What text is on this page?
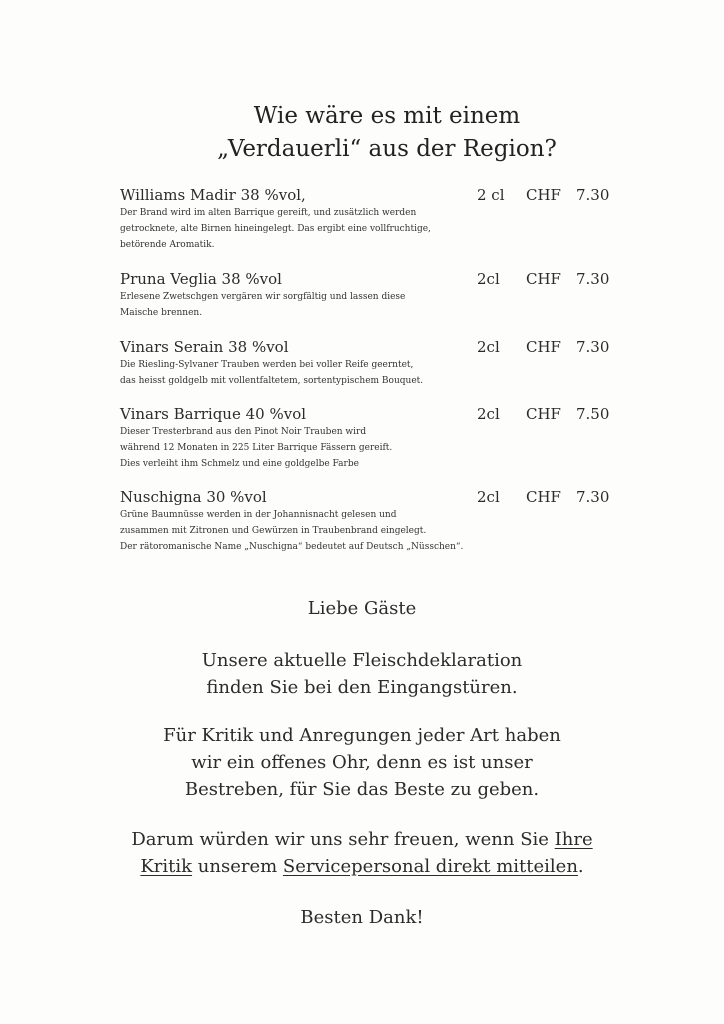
Wie wäre es mit einem
„Verdauerli“ aus der Region?
Williams Madir 38 %vol,	2 cl CHF 7.30
Der Brand wird im alten Barrique gereift, und zusätzlich werden
getrocknete, alte Birnen hineingelegt. Das ergibt eine vollfruchtige,
betörende Aromatik.
Pruna Veglia 38 %vol	2cl CHF 7.30
Erlesene Zwetschgen vergären wir sorgfältig und lassen diese
Maische brennen.
Vinars Serain 38 %vol	2cl CHF 7.30
Die Riesling-Sylvaner Trauben werden bei voller Reife geerntet,
das heisst goldgelb mit vollentfaltetem, sortentypischem Bouquet.
Vinars Barrique 40 %vol	2cl CHF 7.50
Dieser Tresterbrand aus den Pinot Noir Trauben wird
während 12 Monaten in 225 Liter Barrique Fässern gereift.
Dies verleiht ihm Schmelz und eine goldgelbe Farbe
Nuschigna 30 %vol	2cl CHF 7.30
Grüne Baumnüsse werden in der Johannisnacht gelesen und
zusammen mit Zitronen und Gewürzen in Traubenbrand eingelegt.
Der rätoromanische Name „Nuschigna“ bedeutet auf Deutsch „Nüsschen“.
Liebe Gäste
Unsere aktuelle Fleischdeklaration
finden Sie bei den Eingangstüren.
Für Kritik und Anregungen jeder Art haben
wir ein offenes Ohr, denn es ist unser
Bestreben, für Sie das Beste zu geben.
Darum würden wir uns sehr freuen, wenn Sie Ihre
Kritik unserem Servicepersonal direkt mitteilen.
Besten Dank!
